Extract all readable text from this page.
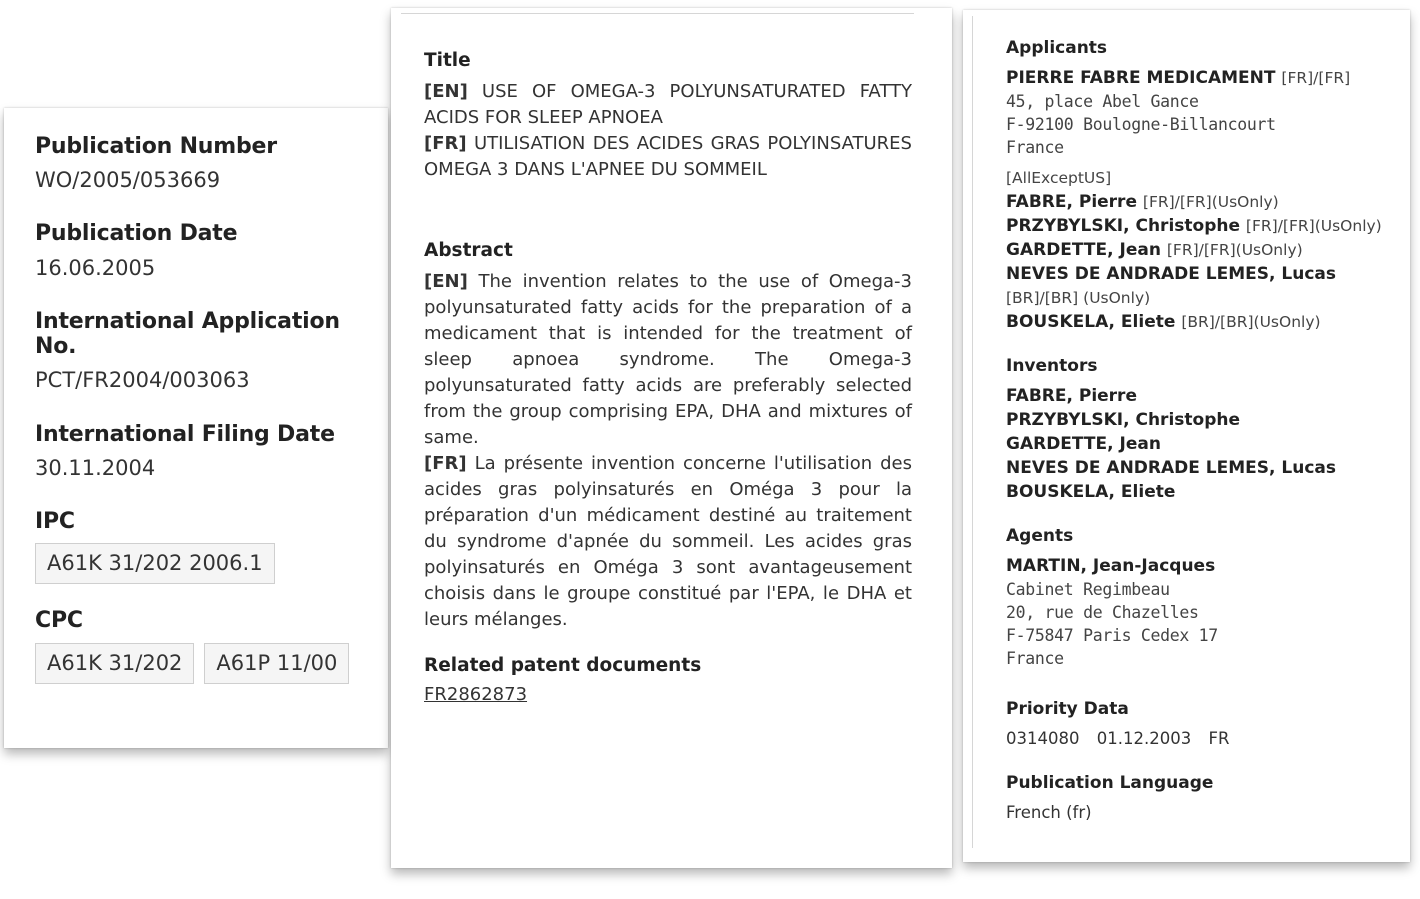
Publication Number
WO/2005/053669
Publication Date
16.06.2005
International Application No.
PCT/FR2004/003063
International Filing Date
30.11.2004
IPC
A61K 31/202 2006.1
CPC
A61K 31/202	A61P 11/00
Title
[EN] USE OF OMEGA-3 POLYUNSATURATED FATTY ACIDS FOR SLEEP APNOEA
[FR] UTILISATION DES ACIDES GRAS POLYINSATURES OMEGA 3 DANS L'APNEE DU SOMMEIL
Abstract
[EN] The invention relates to the use of Omega-3 polyunsaturated fatty acids for the preparation of a medicament that is intended for the treatment of sleep apnoea syndrome. The Omega-3 polyunsaturated fatty acids are preferably selected from the group comprising EPA, DHA and mixtures of same.
[FR] La présente invention concerne l'utilisation des acides gras polyinsaturés en Oméga 3 pour la préparation d'un médicament destiné au traitement du syndrome d'apnée du sommeil. Les acides gras polyinsaturés en Oméga 3 sont avantageusement choisis dans le groupe constitué par l'EPA, le DHA et leurs mélanges.
Related patent documents
FR2862873
Applicants
PIERRE FABRE MEDICAMENT [FR]/[FR]
45, place Abel Gance
F-92100 Boulogne-Billancourt
France
[AllExceptUS]
FABRE, Pierre [FR]/[FR](UsOnly)
PRZYBYLSKI, Christophe [FR]/[FR](UsOnly)
GARDETTE, Jean [FR]/[FR](UsOnly)
NEVES DE ANDRADE LEMES, Lucas [BR]/[BR] (UsOnly)
BOUSKELA, Eliete [BR]/[BR](UsOnly)
Inventors
FABRE, Pierre
PRZYBYLSKI, Christophe
GARDETTE, Jean
NEVES DE ANDRADE LEMES, Lucas
BOUSKELA, Eliete
Agents
MARTIN, Jean-Jacques
Cabinet Regimbeau
20, rue de Chazelles
F-75847 Paris Cedex 17
France
Priority Data
0314080 01.12.2003 FR
Publication Language
French (fr)
